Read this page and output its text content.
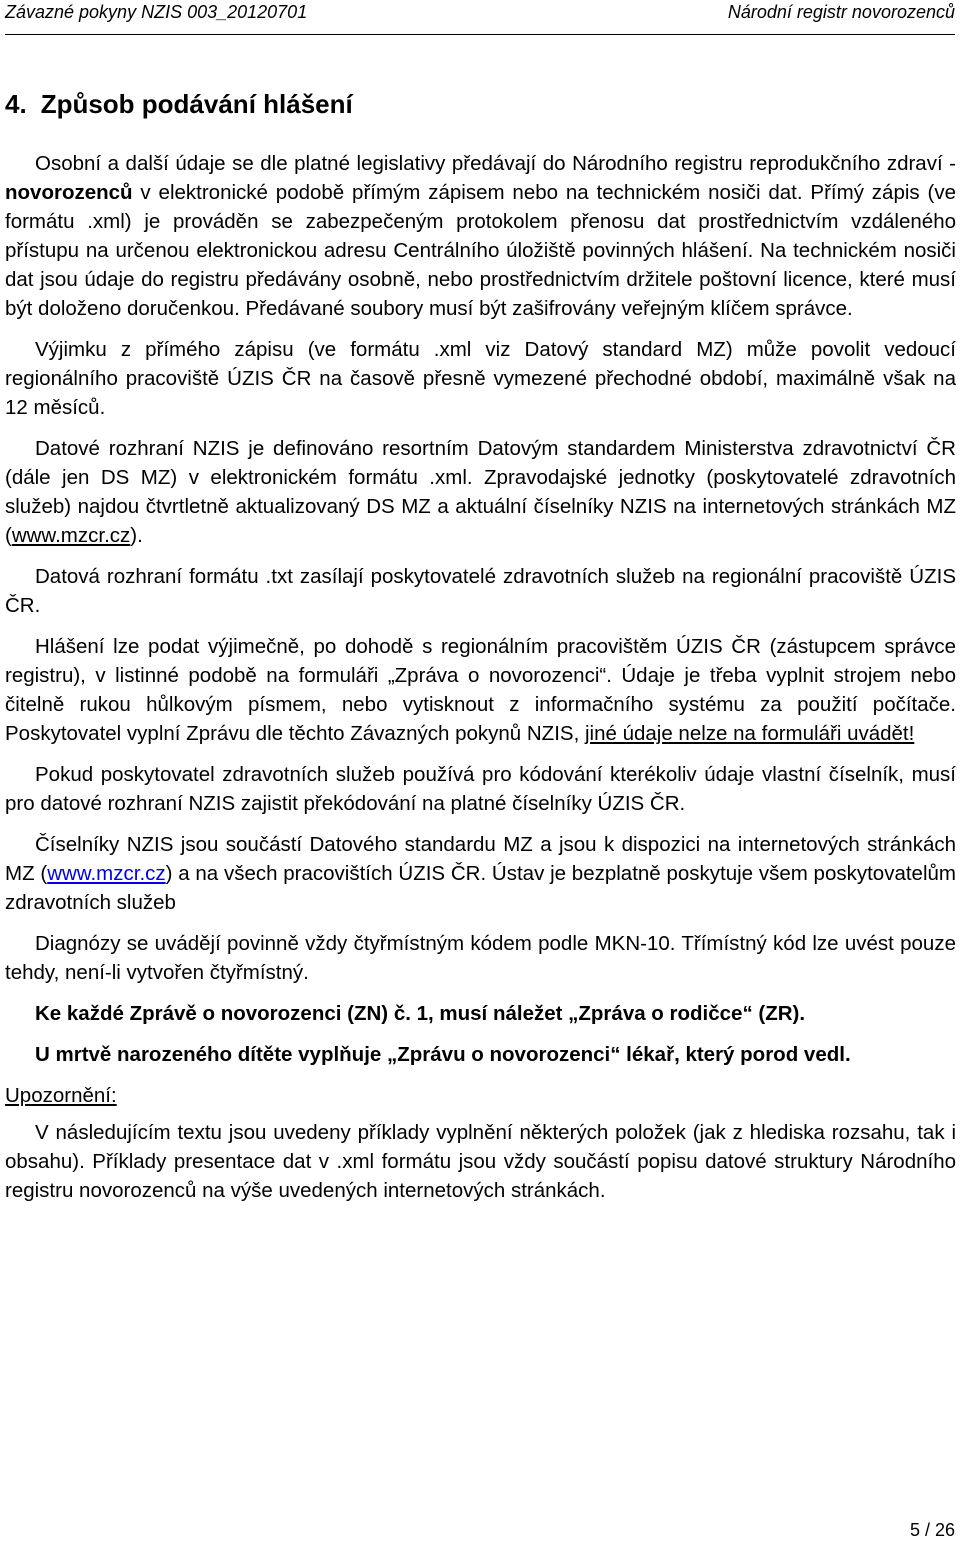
Závazné pokyny NZIS 003_20120701	Národní registr novorozenců
4. Způsob podávání hlášení

Osobní a další údaje se dle platné legislativy předávají do Národního registru reprodukčního zdraví - novorozenců v elektronické podobě přímým zápisem nebo na technickém nosiči dat. Přímý zápis (ve formátu .xml) je prováděn se zabezpečeným protokolem přenosu dat prostřednictvím vzdáleného přístupu na určenou elektronickou adresu Centrálního úložiště povinných hlášení. Na technickém nosiči dat jsou údaje do registru předávány osobně, nebo prostřednictvím držitele poštovní licence, které musí být doloženo doručenkou. Předávané soubory musí být zašifrovány veřejným klíčem správce.

Výjimku z přímého zápisu (ve formátu .xml viz Datový standard MZ) může povolit vedoucí regionálního pracoviště ÚZIS ČR na časově přesně vymezené přechodné období, maximálně však na 12 měsíců.

Datové rozhraní NZIS je definováno resortním Datovým standardem Ministerstva zdravotnictví ČR (dále jen DS MZ) v elektronickém formátu .xml. Zpravodajské jednotky (poskytovatelé zdravotních služeb) najdou čtvrtletně aktualizovaný DS MZ a aktuální číselníky NZIS na internetových stránkách MZ (www.mzcr.cz).

Datová rozhraní formátu .txt zasílají poskytovatelé zdravotních služeb na regionální pracoviště ÚZIS ČR.

Hlášení lze podat výjimečně, po dohodě s regionálním pracovištěm ÚZIS ČR (zástupcem správce registru), v listinné podobě na formuláři „Zpráva o novorozenci“. Údaje je třeba vyplnit strojem nebo čitelně rukou hůlkovým písmem, nebo vytisknout z informačního systému za použití počítače. Poskytovatel vyplní Zprávu dle těchto Závazných pokynů NZIS, jiné údaje nelze na formuláři uvádět!

Pokud poskytovatel zdravotních služeb používá pro kódování kterékoliv údaje vlastní číselník, musí pro datové rozhraní NZIS zajistit překódování na platné číselníky ÚZIS ČR.

Číselníky NZIS jsou součástí Datového standardu MZ a jsou k dispozici na internetových stránkách MZ (www.mzcr.cz) a na všech pracovištích ÚZIS ČR. Ústav je bezplatně poskytuje všem poskytovatelům zdravotních služeb

Diagnózy se uvádějí povinně vždy čtyřmístným kódem podle MKN-10. Třímístný kód lze uvést pouze tehdy, není-li vytvořen čtyřmístný.

Ke každé Zprávě o novorozenci (ZN) č. 1, musí náležet „Zpráva o rodičce“ (ZR).

U mrtvě narozeného dítěte vyplňuje „Zprávu o novorozenci“ lékař, který porod vedl.

Upozornění:

V následujícím textu jsou uvedeny příklady vyplnění některých položek (jak z hlediska rozsahu, tak i obsahu). Příklady presentace dat v .xml formátu jsou vždy součástí popisu datové struktury Národního registru novorozenců na výše uvedených internetových stránkách.

5 / 26
